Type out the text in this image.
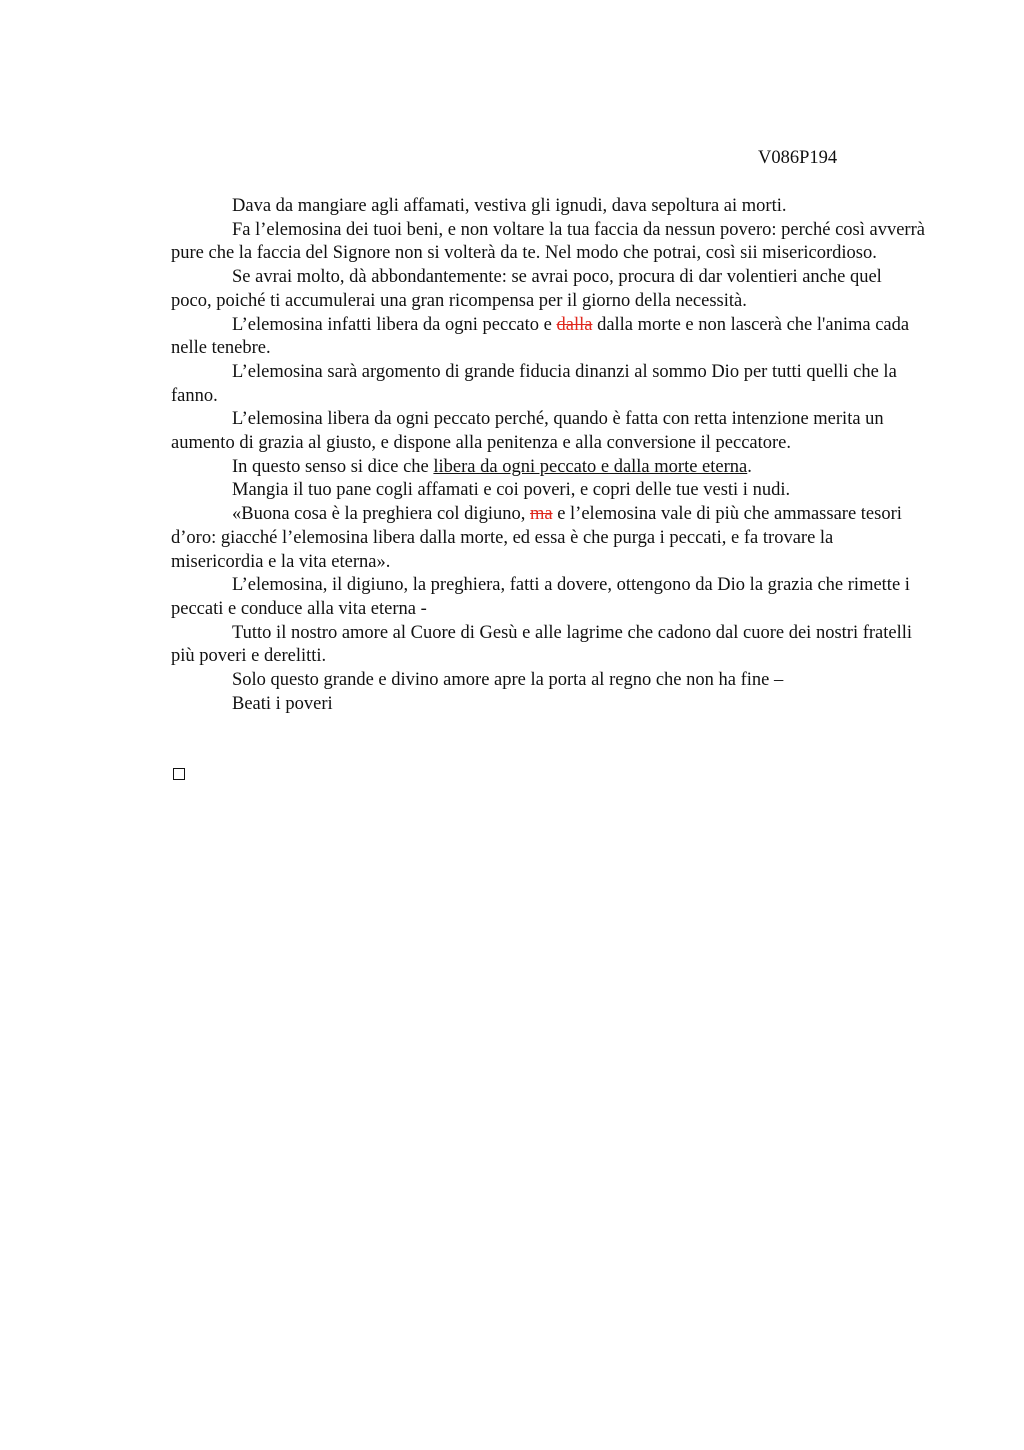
V086P194

Dava da mangiare agli affamati, vestiva gli ignudi, dava sepoltura ai morti.

Fa l’elemosina dei tuoi beni, e non voltare la tua faccia da nessun povero: perché così avverrà pure che la faccia del Signore non si volterà da te. Nel modo che potrai, così sii misericordioso.

Se avrai molto, dà abbondantemente: se avrai poco, procura di dar volentieri anche quel poco, poiché ti accumulerai una gran ricompensa per il giorno della necessità.

L’elemosina infatti libera da ogni peccato e dalla dalla morte e non lascerà che l'anima cada nelle tenebre.

L’elemosina sarà argomento di grande fiducia dinanzi al sommo Dio per tutti quelli che la fanno.

L’elemosina libera da ogni peccato perché, quando è fatta con retta intenzione merita un aumento di grazia al giusto, e dispone alla penitenza e alla conversione il peccatore.

In questo senso si dice che libera da ogni peccato e dalla morte eterna.

Mangia il tuo pane cogli affamati e coi poveri, e copri delle tue vesti i nudi.

«Buona cosa è la preghiera col digiuno, ma e l’elemosina vale di più che ammassare tesori d’oro: giacché l’elemosina libera dalla morte, ed essa è che purga i peccati, e fa trovare la misericordia e la vita eterna».

L’elemosina, il digiuno, la preghiera, fatti a dovere, ottengono da Dio la grazia che rimette i peccati e conduce alla vita eterna -

Tutto il nostro amore al Cuore di Gesù e alle lagrime che cadono dal cuore dei nostri fratelli più poveri e derelitti.

Solo questo grande e divino amore apre la porta al regno che non ha fine –

Beati i poveri
